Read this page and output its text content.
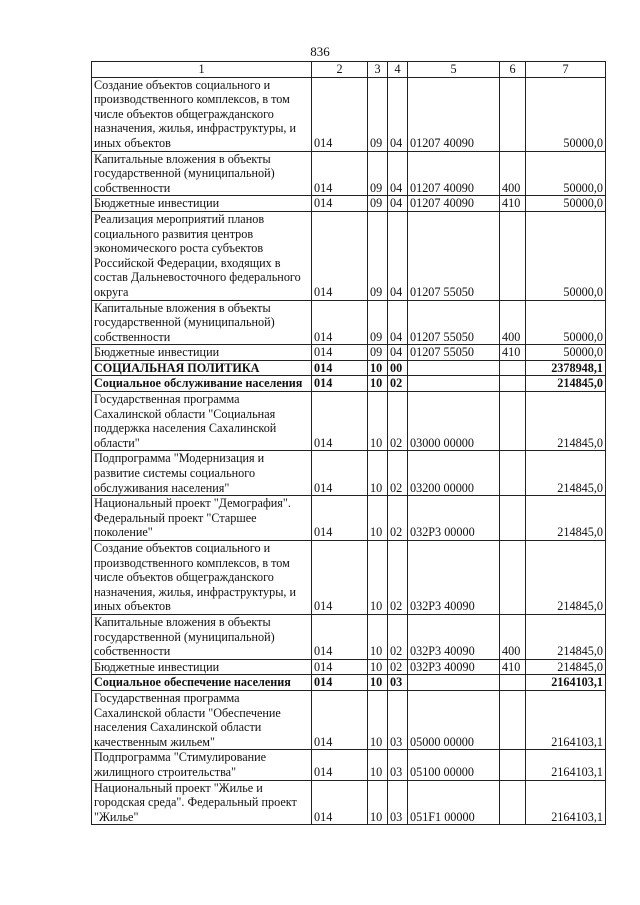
836
1	2	3	4	5	6	7
Создание объектов социального и производственного комплексов, в том числе объектов общегражданского назначения, жилья, инфраструктуры, и иных объектов	014	09	04	01207 40090		50000,0
Капитальные вложения в объекты государственной (муниципальной) собственности	014	09	04	01207 40090	400	50000,0
Бюджетные инвестиции	014	09	04	01207 40090	410	50000,0
Реализация мероприятий планов социального развития центров экономического роста субъектов Российской Федерации, входящих в состав Дальневосточного федерального округа	014	09	04	01207 55050		50000,0
Капитальные вложения в объекты государственной (муниципальной) собственности	014	09	04	01207 55050	400	50000,0
Бюджетные инвестиции	014	09	04	01207 55050	410	50000,0
СОЦИАЛЬНАЯ ПОЛИТИКА	014	10	00			2378948,1
Социальное обслуживание населения	014	10	02			214845,0
Государственная программа Сахалинской области "Социальная поддержка населения Сахалинской области"	014	10	02	03000 00000		214845,0
Подпрограмма "Модернизация и развитие системы социального обслуживания населения"	014	10	02	03200 00000		214845,0
Национальный проект "Демография". Федеральный проект "Старшее поколение"	014	10	02	032P3 00000		214845,0
Создание объектов социального и производственного комплексов, в том числе объектов общегражданского назначения, жилья, инфраструктуры, и иных объектов	014	10	02	032P3 40090		214845,0
Капитальные вложения в объекты государственной (муниципальной) собственности	014	10	02	032P3 40090	400	214845,0
Бюджетные инвестиции	014	10	02	032P3 40090	410	214845,0
Социальное обеспечение населения	014	10	03			2164103,1
Государственная программа Сахалинской области "Обеспечение населения Сахалинской области качественным жильем"	014	10	03	05000 00000		2164103,1
Подпрограмма "Стимулирование жилищного строительства"	014	10	03	05100 00000		2164103,1
Национальный проект "Жилье и городская среда". Федеральный проект "Жилье"	014	10	03	051F1 00000		2164103,1
